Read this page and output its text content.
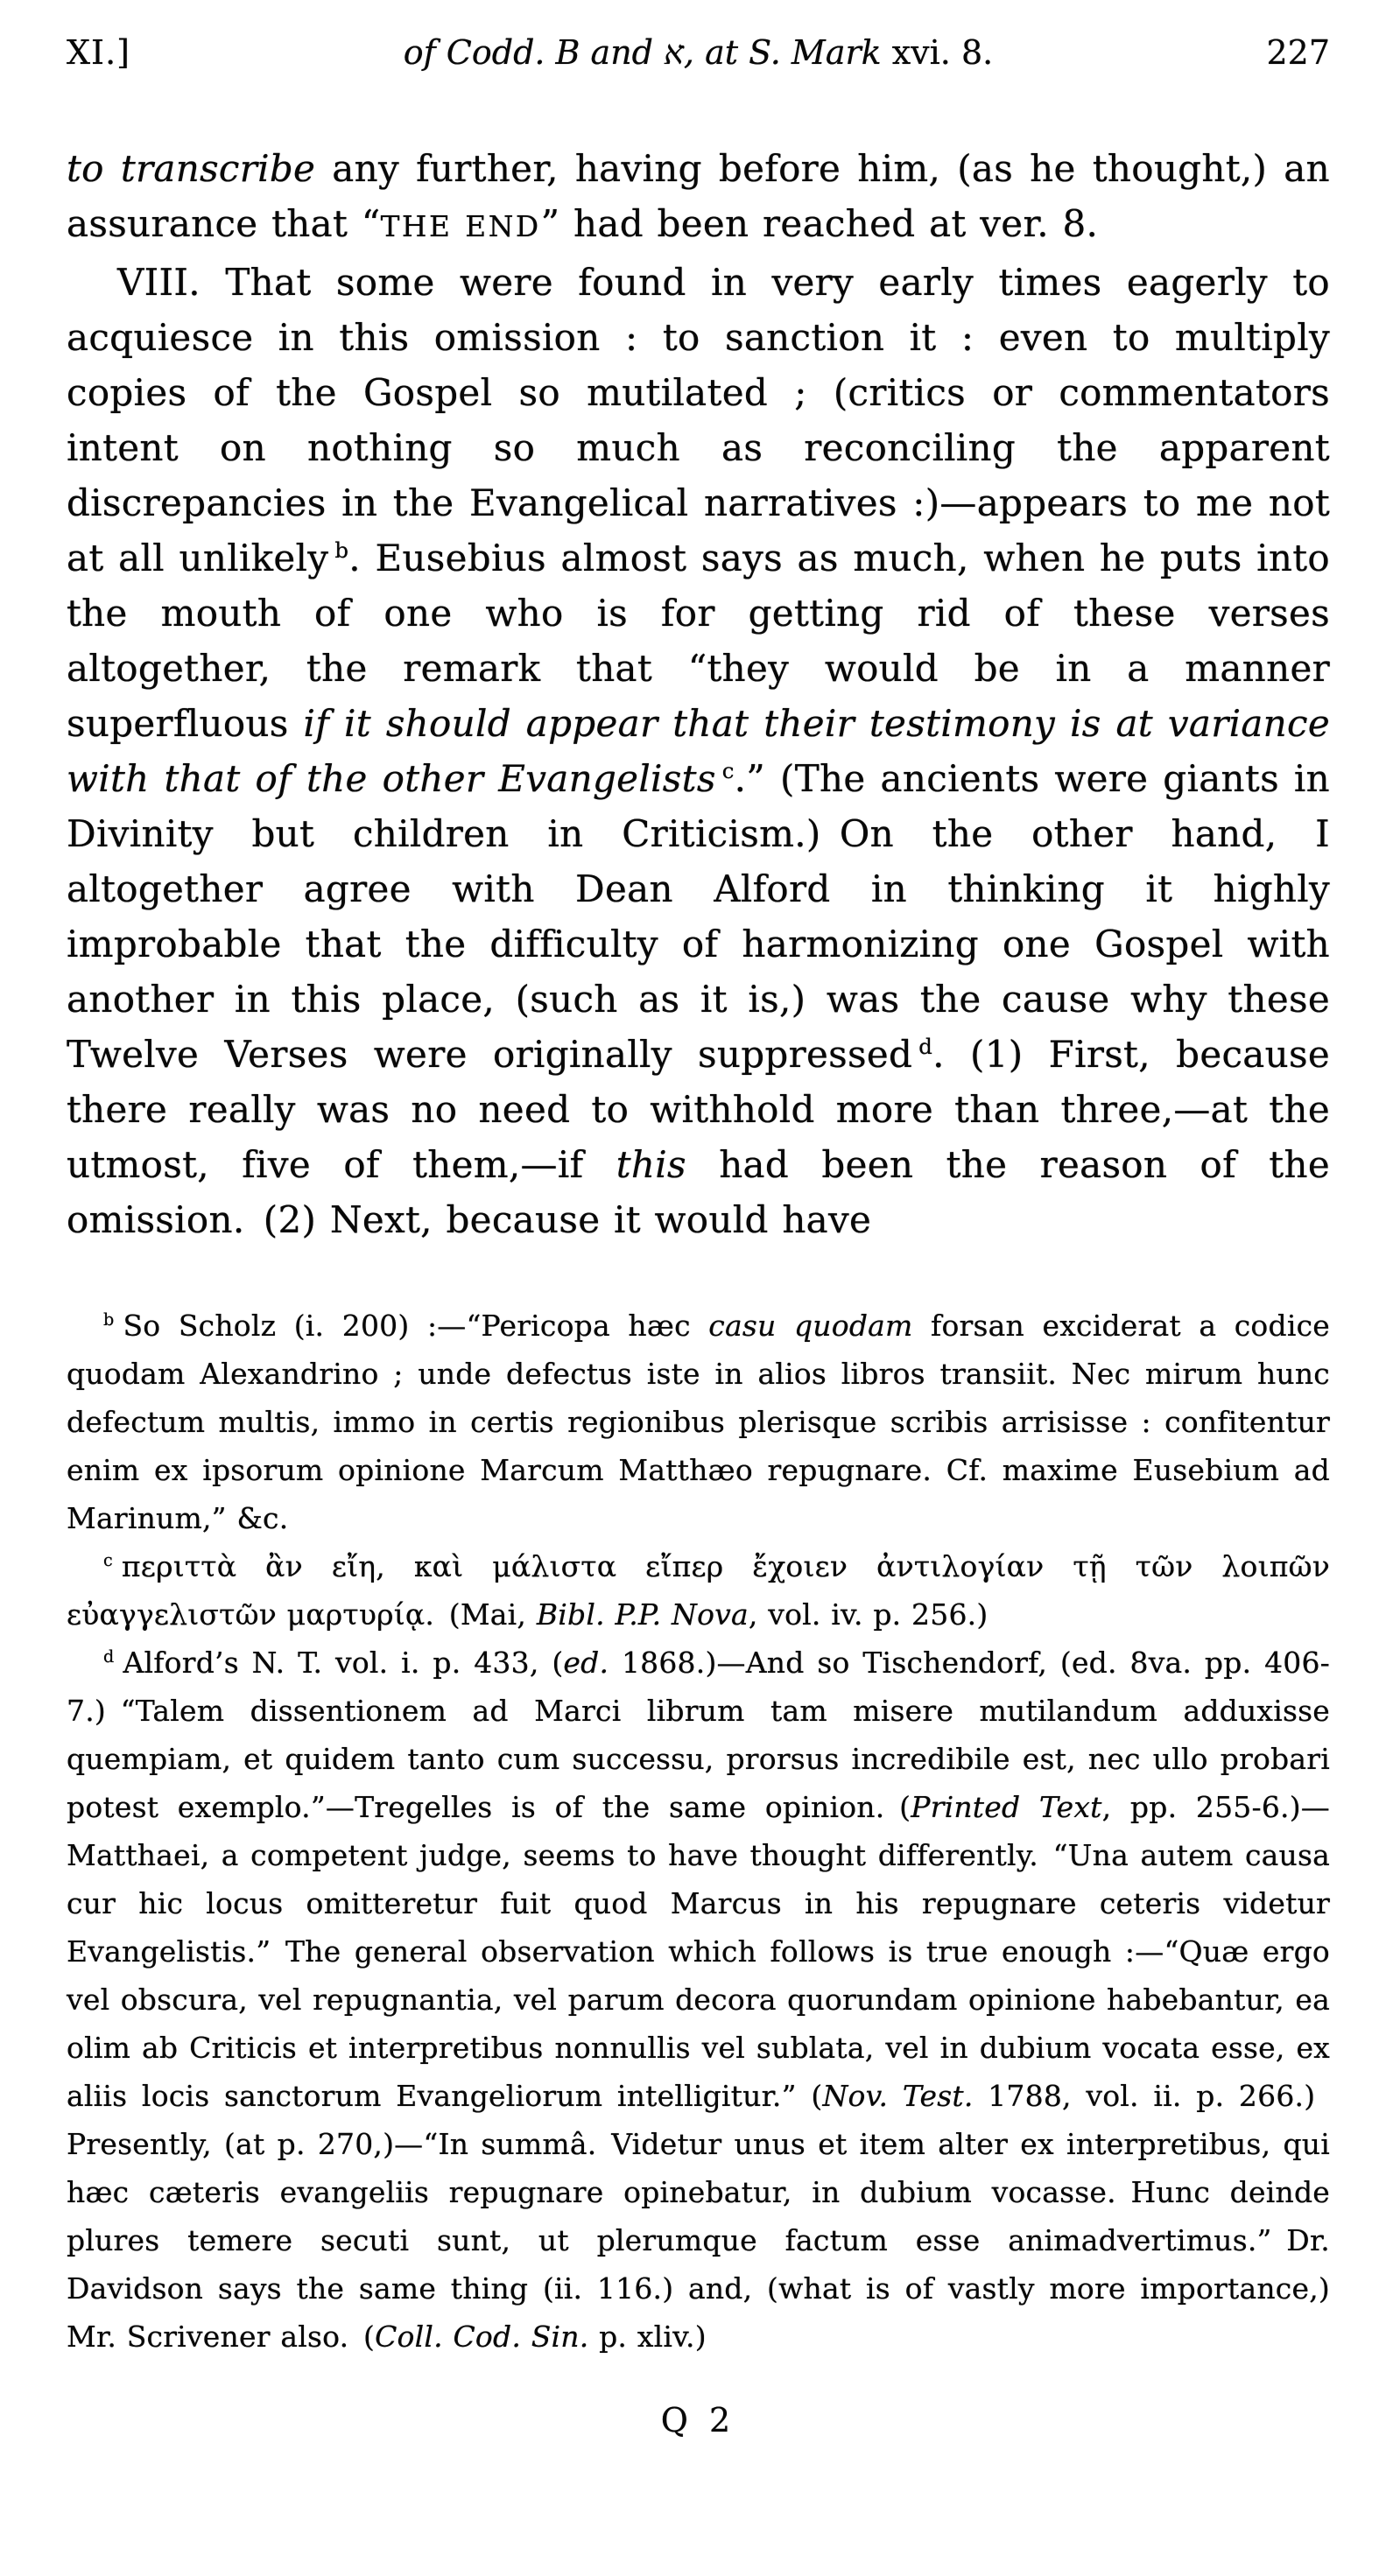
XI.]	of Codd. B and א, at S. Mark xvi. 8.	227

to transcribe any further, having before him, (as he thought,) an assurance that “THE END” had been reached at ver. 8.

VIII. That some were found in very early times eagerly to acquiesce in this omission : to sanction it : even to multiply copies of the Gospel so mutilated ; (critics or commentators intent on nothing so much as reconciling the apparent discrepancies in the Evangelical narratives :)—appears to me not at all unlikely $^b$. Eusebius almost says as much, when he puts into the mouth of one who is for getting rid of these verses altogether, the remark that “they would be in a manner superfluous if it should appear that their testimony is at variance with that of the other Evangelists $^c$.” (The ancients were giants in Divinity but children in Criticism.) On the other hand, I altogether agree with Dean Alford in thinking it highly improbable that the difficulty of harmonizing one Gospel with another in this place, (such as it is,) was the cause why these Twelve Verses were originally suppressed $^d$. (1) First, because there really was no need to withhold more than three,—at the utmost, five of them,—if this had been the reason of the omission. (2) Next, because it would have

$^b$ So Scholz (i. 200) :—“Pericopa hæc casu quodam forsan exciderat a codice quodam Alexandrino ; unde defectus iste in alios libros transiit. Nec mirum hunc defectum multis, immo in certis regionibus plerisque scribis arrisisse : confitentur enim ex ipsorum opinione Marcum Matthæo repugnare. Cf. maxime Eusebium ad Marinum,” &c.

$^c$ περιττὰ ἂν εἴη, καὶ μάλιστα εἴπερ ἔχοιεν ἀντιλογίαν τῇ τῶν λοιπῶν εὐαγγελιστῶν μαρτυρίᾳ. (Mai, Bibl. P.P. Nova, vol. iv. p. 256.)

$^d$ Alford’s N. T. vol. i. p. 433, (ed. 1868.)—And so Tischendorf, (ed. 8va. pp. 406-7.) “Talem dissentionem ad Marci librum tam misere mutilandum adduxisse quempiam, et quidem tanto cum successu, prorsus incredibile est, nec ullo probari potest exemplo.”—Tregelles is of the same opinion. (Printed Text, pp. 255-6.)—Matthaei, a competent judge, seems to have thought differently. “Una autem causa cur hic locus omitteretur fuit quod Marcus in his repugnare ceteris videtur Evangelistis.” The general observation which follows is true enough :—“Quæ ergo vel obscura, vel repugnantia, vel parum decora quorundam opinione habebantur, ea olim ab Criticis et interpretibus nonnullis vel sublata, vel in dubium vocata esse, ex aliis locis sanctorum Evangeliorum intelligitur.” (Nov. Test. 1788, vol. ii. p. 266.) Presently, (at p. 270,)—“In summâ. Videtur unus et item alter ex interpretibus, qui hæc cæteris evangeliis repugnare opinebatur, in dubium vocasse. Hunc deinde plures temere secuti sunt, ut plerumque factum esse animadvertimus.” Dr. Davidson says the same thing (ii. 116.) and, (what is of vastly more importance,) Mr. Scrivener also. (Coll. Cod. Sin. p. xliv.)

Q 2
